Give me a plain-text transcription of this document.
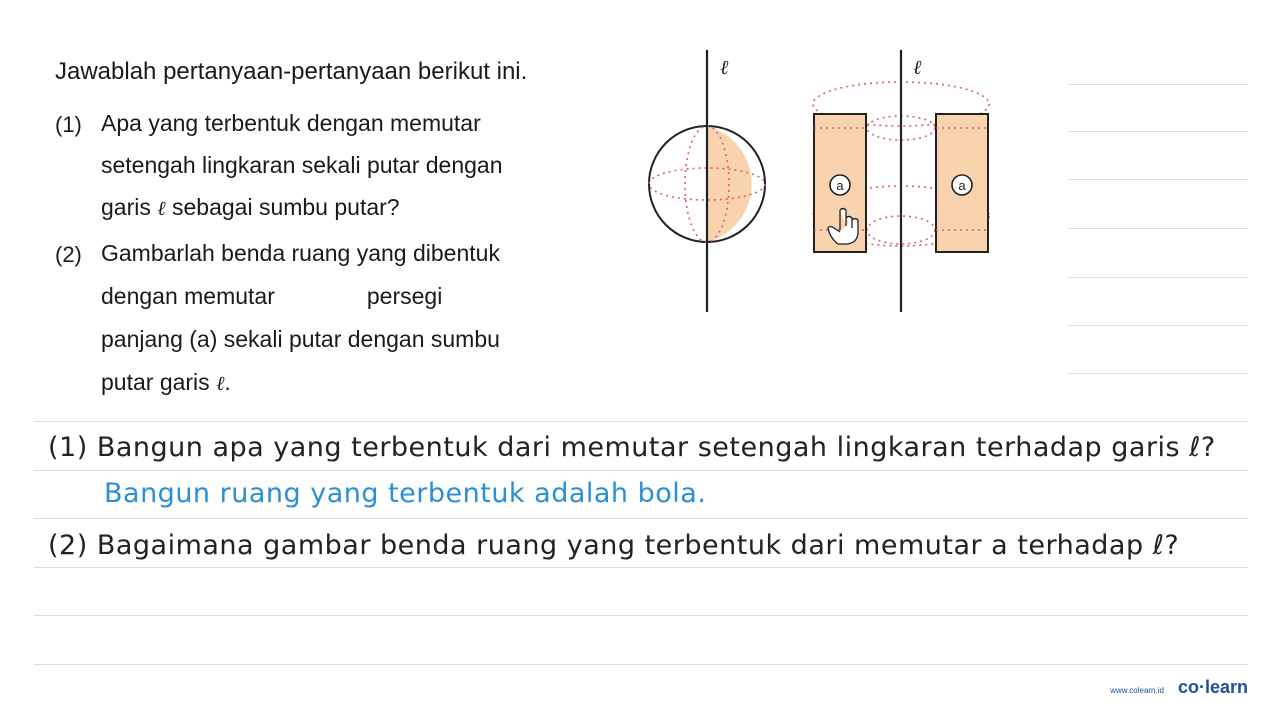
Jawablah pertanyaan-pertanyaan berikut ini.
(1) Apa yang terbentuk dengan memutar
setengah lingkaran sekali putar dengan
garis ℓ sebagai sumbu putar?
(2) Gambarlah benda ruang yang dibentuk
dengan memutar	persegi
panjang (a) sekali putar dengan sumbu
putar garis ℓ.
ℓ
a	a
ℓ
(1) Bangun apa yang terbentuk dari memutar setengah lingkaran terhadap garis ℓ?
Bangun ruang yang terbentuk adalah bola.
(2) Bagaimana gambar benda ruang yang terbentuk dari memutar a terhadap ℓ?
www.colearn.id co·learn
